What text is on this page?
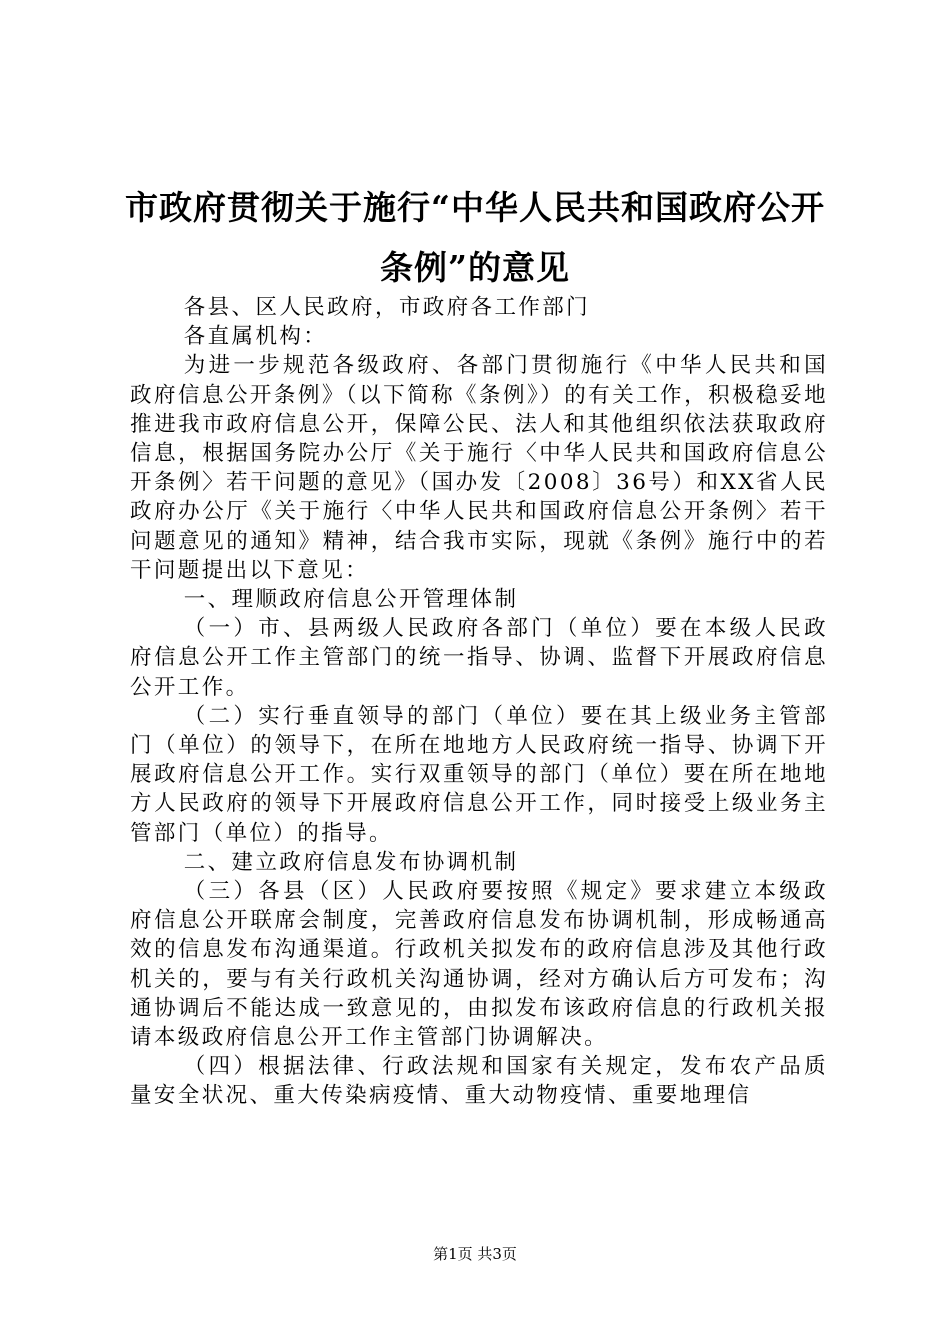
市政府贯彻关于施行“中华人民共和国政府公开条例”的意见

各县、区人民政府，市政府各工作部门

各直属机构：

为进一步规范各级政府、各部门贯彻施行《中华人民共和国政府信息公开条例》（以下简称《条例》）的有关工作，积极稳妥地推进我市政府信息公开，保障公民、法人和其他组织依法获取政府信息，根据国务院办公厅《关于施行〈中华人民共和国政府信息公开条例〉若干问题的意见》（国办发〔2008〕36号）和XX省人民政府办公厅《关于施行〈中华人民共和国政府信息公开条例〉若干问题意见的通知》精神，结合我市实际，现就《条例》施行中的若干问题提出以下意见：

一、理顺政府信息公开管理体制

（一）市、县两级人民政府各部门（单位）要在本级人民政府信息公开工作主管部门的统一指导、协调、监督下开展政府信息公开工作。

（二）实行垂直领导的部门（单位）要在其上级业务主管部门（单位）的领导下，在所在地地方人民政府统一指导、协调下开展政府信息公开工作。实行双重领导的部门（单位）要在所在地地方人民政府的领导下开展政府信息公开工作，同时接受上级业务主管部门（单位）的指导。

二、建立政府信息发布协调机制

（三）各县（区）人民政府要按照《规定》要求建立本级政府信息公开联席会制度，完善政府信息发布协调机制，形成畅通高效的信息发布沟通渠道。行政机关拟发布的政府信息涉及其他行政机关的，要与有关行政机关沟通协调，经对方确认后方可发布；沟通协调后不能达成一致意见的，由拟发布该政府信息的行政机关报请本级政府信息公开工作主管部门协调解决。

（四）根据法律、行政法规和国家有关规定，发布农产品质量安全状况、重大传染病疫情、重大动物疫情、重要地理信

第1页 共3页
